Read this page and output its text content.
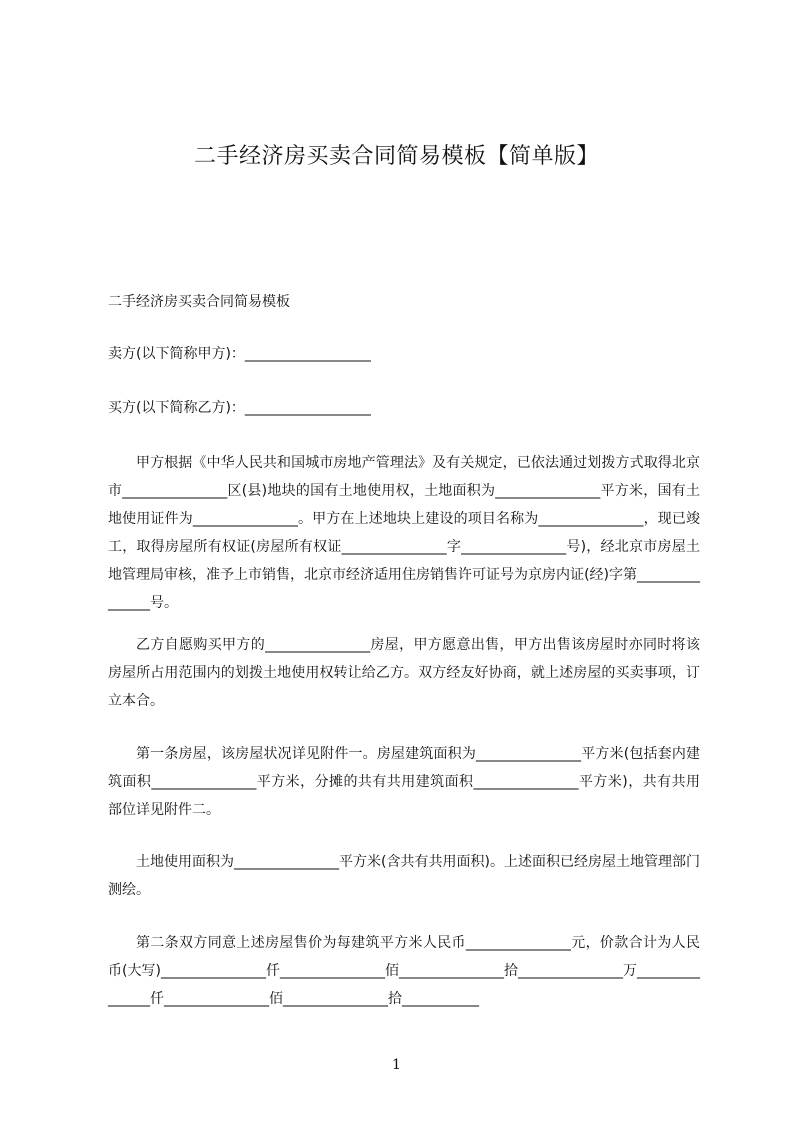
二手经济房买卖合同简易模板【简单版】

二手经济房买卖合同简易模板

卖方(以下简称甲方)：__________________

买方(以下简称乙方)：__________________

甲方根据《中华人民共和国城市房地产管理法》及有关规定，已依法通过划拨方式取得北京市_______________区(县)地块的国有土地使用权，土地面积为_______________平方米，国有土地使用证件为_______________。甲方在上述地块上建设的项目名称为_______________，现已竣工，取得房屋所有权证(房屋所有权证_______________字_______________号)，经北京市房屋土地管理局审核，准予上市销售，北京市经济适用住房销售许可证号为京房内证(经)字第_______________号。

乙方自愿购买甲方的_______________房屋，甲方愿意出售，甲方出售该房屋时亦同时将该房屋所占用范围内的划拨土地使用权转让给乙方。双方经友好协商，就上述房屋的买卖事项，订立本合。

第一条房屋，该房屋状况详见附件一。房屋建筑面积为_______________平方米(包括套内建筑面积_______________平方米，分摊的共有共用建筑面积_______________平方米)，共有共用部位详见附件二。

土地使用面积为_______________平方米(含共有共用面积)。上述面积已经房屋土地管理部门测绘。

第二条双方同意上述房屋售价为每建筑平方米人民币_______________元，价款合计为人民币(大写)_______________仟_______________佰_______________拾_______________万_______________仟_______________佰_______________拾___________

1
